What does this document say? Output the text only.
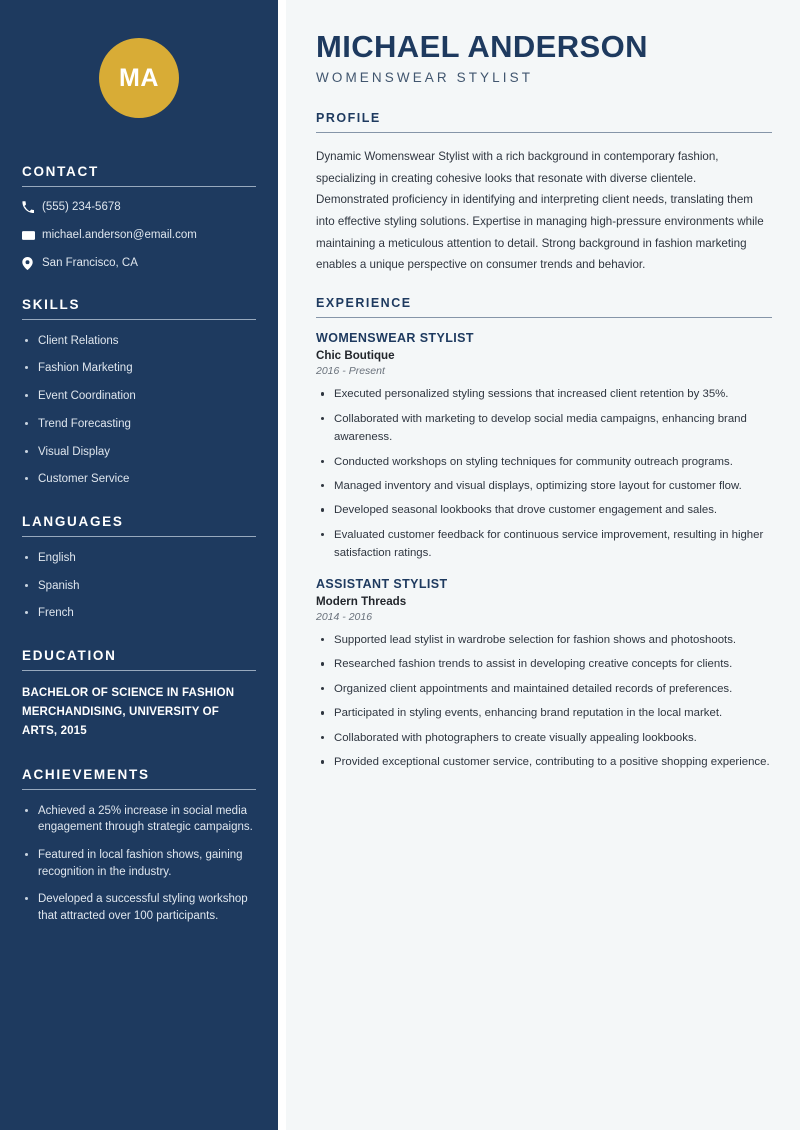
MA
CONTACT
(555) 234-5678
michael.anderson@email.com
San Francisco, CA
SKILLS
Client Relations
Fashion Marketing
Event Coordination
Trend Forecasting
Visual Display
Customer Service
LANGUAGES
English
Spanish
French
EDUCATION
BACHELOR OF SCIENCE IN FASHION MERCHANDISING, UNIVERSITY OF ARTS, 2015
ACHIEVEMENTS
Achieved a 25% increase in social media engagement through strategic campaigns.
Featured in local fashion shows, gaining recognition in the industry.
Developed a successful styling workshop that attracted over 100 participants.
MICHAEL ANDERSON
WOMENSWEAR STYLIST
PROFILE

Dynamic Womenswear Stylist with a rich background in contemporary fashion, specializing in creating cohesive looks that resonate with diverse clientele. Demonstrated proficiency in identifying and interpreting client needs, translating them into effective styling solutions. Expertise in managing high-pressure environments while maintaining a meticulous attention to detail. Strong background in fashion marketing enables a unique perspective on consumer trends and behavior.

EXPERIENCE
WOMENSWEAR STYLIST
Chic Boutique
2016 - Present
Executed personalized styling sessions that increased client retention by 35%.
Collaborated with marketing to develop social media campaigns, enhancing brand awareness.
Conducted workshops on styling techniques for community outreach programs.
Managed inventory and visual displays, optimizing store layout for customer flow.
Developed seasonal lookbooks that drove customer engagement and sales.
Evaluated customer feedback for continuous service improvement, resulting in higher satisfaction ratings.
ASSISTANT STYLIST
Modern Threads
2014 - 2016
Supported lead stylist in wardrobe selection for fashion shows and photoshoots.
Researched fashion trends to assist in developing creative concepts for clients.
Organized client appointments and maintained detailed records of preferences.
Participated in styling events, enhancing brand reputation in the local market.
Collaborated with photographers to create visually appealing lookbooks.
Provided exceptional customer service, contributing to a positive shopping experience.
